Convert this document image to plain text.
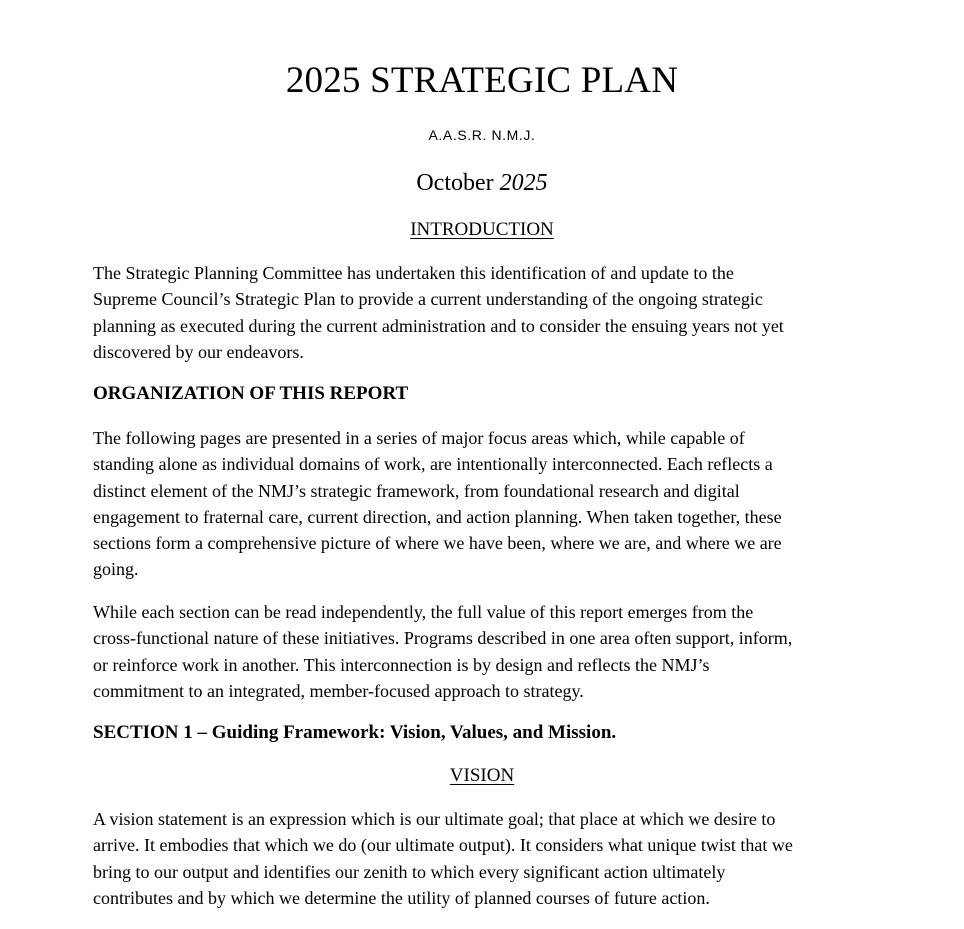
2025 STRATEGIC PLAN
A.A.S.R. N.M.J.
October 2025
INTRODUCTION
The Strategic Planning Committee has undertaken this identification of and update to the
Supreme Council’s Strategic Plan to provide a current understanding of the ongoing strategic
planning as executed during the current administration and to consider the ensuing years not yet
discovered by our endeavors.
ORGANIZATION OF THIS REPORT
The following pages are presented in a series of major focus areas which, while capable of
standing alone as individual domains of work, are intentionally interconnected. Each reflects a
distinct element of the NMJ’s strategic framework, from foundational research and digital
engagement to fraternal care, current direction, and action planning. When taken together, these
sections form a comprehensive picture of where we have been, where we are, and where we are
going.
While each section can be read independently, the full value of this report emerges from the
cross-functional nature of these initiatives. Programs described in one area often support, inform,
or reinforce work in another. This interconnection is by design and reflects the NMJ’s
commitment to an integrated, member-focused approach to strategy.
SECTION 1 – Guiding Framework: Vision, Values, and Mission.
VISION
A vision statement is an expression which is our ultimate goal; that place at which we desire to
arrive. It embodies that which we do (our ultimate output). It considers what unique twist that we
bring to our output and identifies our zenith to which every significant action ultimately
contributes and by which we determine the utility of planned courses of future action.
